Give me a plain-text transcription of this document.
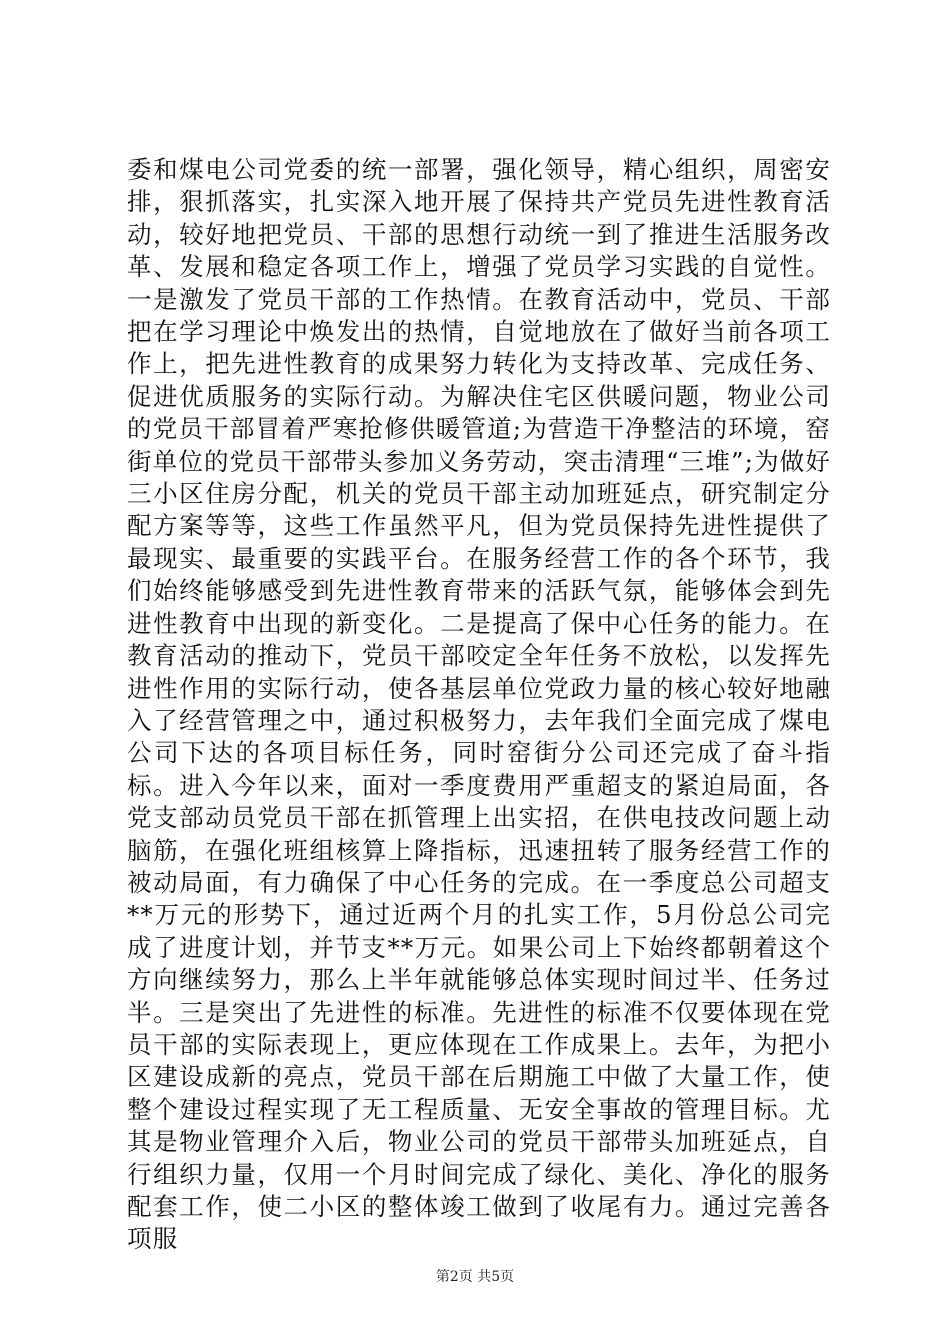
委和煤电公司党委的统一部署，强化领导，精心组织，周密安排，狠抓落实，扎实深入地开展了保持共产党员先进性教育活动，较好地把党员、干部的思想行动统一到了推进生活服务改革、发展和稳定各项工作上，增强了党员学习实践的自觉性。一是激发了党员干部的工作热情。在教育活动中，党员、干部把在学习理论中焕发出的热情，自觉地放在了做好当前各项工作上，把先进性教育的成果努力转化为支持改革、完成任务、促进优质服务的实际行动。为解决住宅区供暖问题，物业公司的党员干部冒着严寒抢修供暖管道;为营造干净整洁的环境，窑街单位的党员干部带头参加义务劳动，突击清理“三堆”;为做好三小区住房分配，机关的党员干部主动加班延点，研究制定分配方案等等，这些工作虽然平凡，但为党员保持先进性提供了最现实、最重要的实践平台。在服务经营工作的各个环节，我们始终能够感受到先进性教育带来的活跃气氛，能够体会到先进性教育中出现的新变化。二是提高了保中心任务的能力。在教育活动的推动下，党员干部咬定全年任务不放松，以发挥先进性作用的实际行动，使各基层单位党政力量的核心较好地融入了经营管理之中，通过积极努力，去年我们全面完成了煤电公司下达的各项目标任务，同时窑街分公司还完成了奋斗指标。进入今年以来，面对一季度费用严重超支的紧迫局面，各党支部动员党员干部在抓管理上出实招，在供电技改问题上动脑筋，在强化班组核算上降指标，迅速扭转了服务经营工作的被动局面，有力确保了中心任务的完成。在一季度总公司超支**万元的形势下，通过近两个月的扎实工作，5月份总公司完成了进度计划，并节支**万元。如果公司上下始终都朝着这个方向继续努力，那么上半年就能够总体实现时间过半、任务过半。三是突出了先进性的标准。先进性的标准不仅要体现在党员干部的实际表现上，更应体现在工作成果上。去年，为把小区建设成新的亮点，党员干部在后期施工中做了大量工作，使整个建设过程实现了无工程质量、无安全事故的管理目标。尤其是物业管理介入后，物业公司的党员干部带头加班延点，自行组织力量，仅用一个月时间完成了绿化、美化、净化的服务配套工作，使二小区的整体竣工做到了收尾有力。通过完善各项服

第2页 共5页
